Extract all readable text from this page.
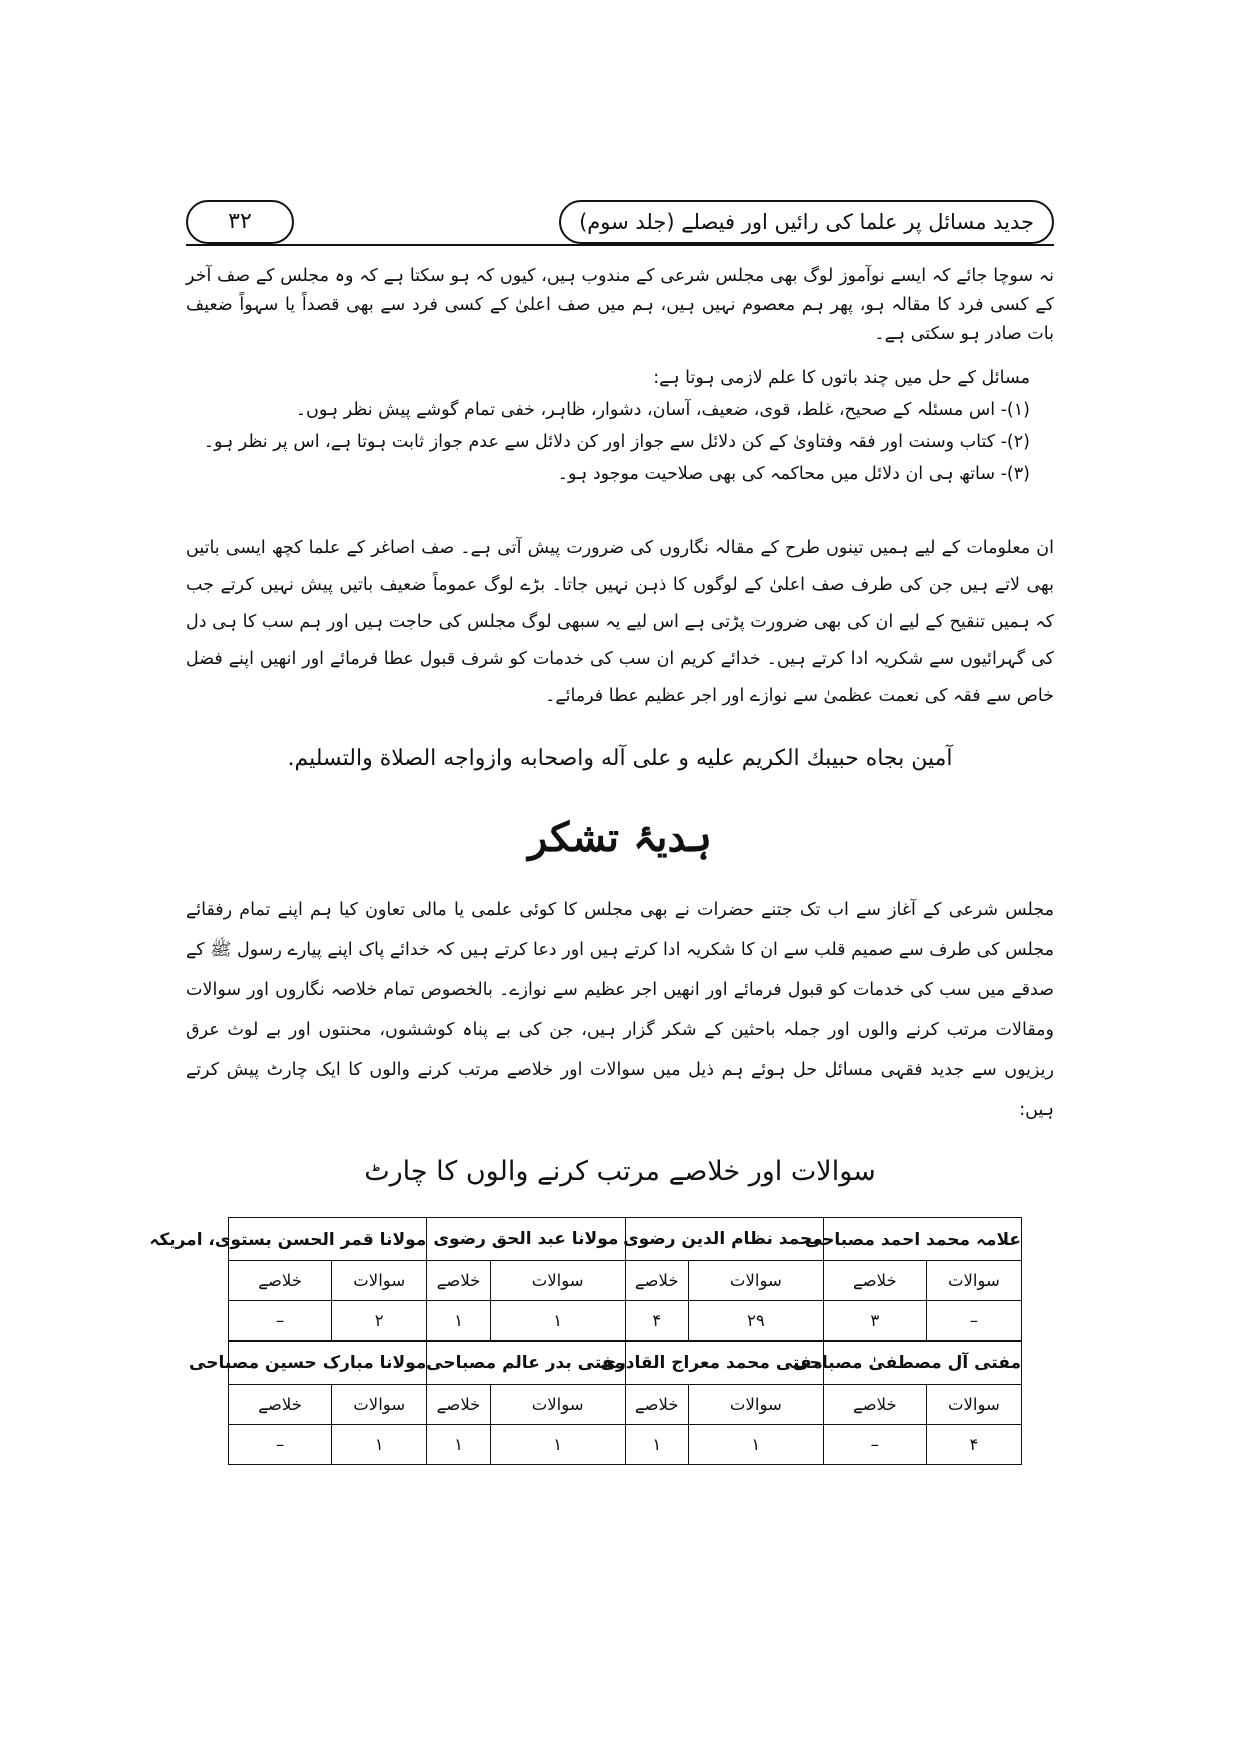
جدید مسائل پر علما کی رائیں اور فیصلے (جلد سوم)
۳۲

نہ سوچا جائے کہ ایسے نوآموز لوگ بھی مجلس شرعی کے مندوب ہیں، کیوں کہ ہو سکتا ہے کہ وہ مجلس کے صف آخر کے کسی فرد کا مقالہ ہو، پھر ہم معصوم نہیں ہیں، ہم میں صف اعلیٰ کے کسی فرد سے بھی قصداً یا سہواً ضعیف بات صادر ہو سکتی ہے۔

مسائل کے حل میں چند باتوں کا علم لازمی ہوتا ہے:

(۱)- اس مسئلہ کے صحیح، غلط، قوی، ضعیف، آسان، دشوار، ظاہر، خفی تمام گوشے پیش نظر ہوں۔

(۲)- کتاب وسنت اور فقہ وفتاویٰ کے کن دلائل سے جواز اور کن دلائل سے عدم جواز ثابت ہوتا ہے، اس پر نظر ہو۔

(۳)- ساتھ ہی ان دلائل میں محاکمہ کی بھی صلاحیت موجود ہو۔

ان معلومات کے لیے ہمیں تینوں طرح کے مقالہ نگاروں کی ضرورت پیش آتی ہے۔ صف اصاغر کے علما کچھ ایسی باتیں بھی لاتے ہیں جن کی طرف صف اعلیٰ کے لوگوں کا ذہن نہیں جاتا۔ بڑے لوگ عموماً ضعیف باتیں پیش نہیں کرتے جب کہ ہمیں تنقیح کے لیے ان کی بھی ضرورت پڑتی ہے اس لیے یہ سبھی لوگ مجلس کی حاجت ہیں اور ہم سب کا ہی دل کی گہرائیوں سے شکریہ ادا کرتے ہیں۔ خدائے کریم ان سب کی خدمات کو شرف قبول عطا فرمائے اور انھیں اپنے فضل خاص سے فقہ کی نعمت عظمیٰ سے نوازے اور اجر عظیم عطا فرمائے۔

آمين بجاه حبيبك الكريم عليه و على آله واصحابه وازواجه الصلاة والتسليم.
ہدیۂ تشکر

مجلس شرعی کے آغاز سے اب تک جتنے حضرات نے بھی مجلس کا کوئی علمی یا مالی تعاون کیا ہم اپنے تمام رفقائے مجلس کی طرف سے صمیم قلب سے ان کا شکریہ ادا کرتے ہیں اور دعا کرتے ہیں کہ خدائے پاک اپنے پیارے رسول ﷺ کے صدقے میں سب کی خدمات کو قبول فرمائے اور انھیں اجر عظیم سے نوازے۔ بالخصوص تمام خلاصہ نگاروں اور سوالات ومقالات مرتب کرنے والوں اور جملہ باحثین کے شکر گزار ہیں، جن کی بے پناہ کوششوں، محنتوں اور بے لوث عرق ریزیوں سے جدید فقہی مسائل حل ہوئے ہم ذیل میں سوالات اور خلاصے مرتب کرنے والوں کا ایک چارٹ پیش کرتے ہیں:

سوالات اور خلاصے مرتب کرنے والوں کا چارٹ
علامہ محمد احمد مصباحی		محمد نظام الدین رضوی		مولانا عبد الحق رضوی		مولانا قمر الحسن بستوی، امریکہ	
سوالات	خلاصے	سوالات	خلاصے	سوالات	خلاصے	سوالات	خلاصے
–	۳	۲۹	۴	۱	۱	۲	–
مفتی آل مصطفیٰ مصباحی		مفتی محمد معراج القادری		مفتی بدر عالم مصباحی		مولانا مبارک حسین مصباحی	
سوالات	خلاصے	سوالات	خلاصے	سوالات	خلاصے	سوالات	خلاصے
۴	–	۱	۱	۱	۱	۱	–
